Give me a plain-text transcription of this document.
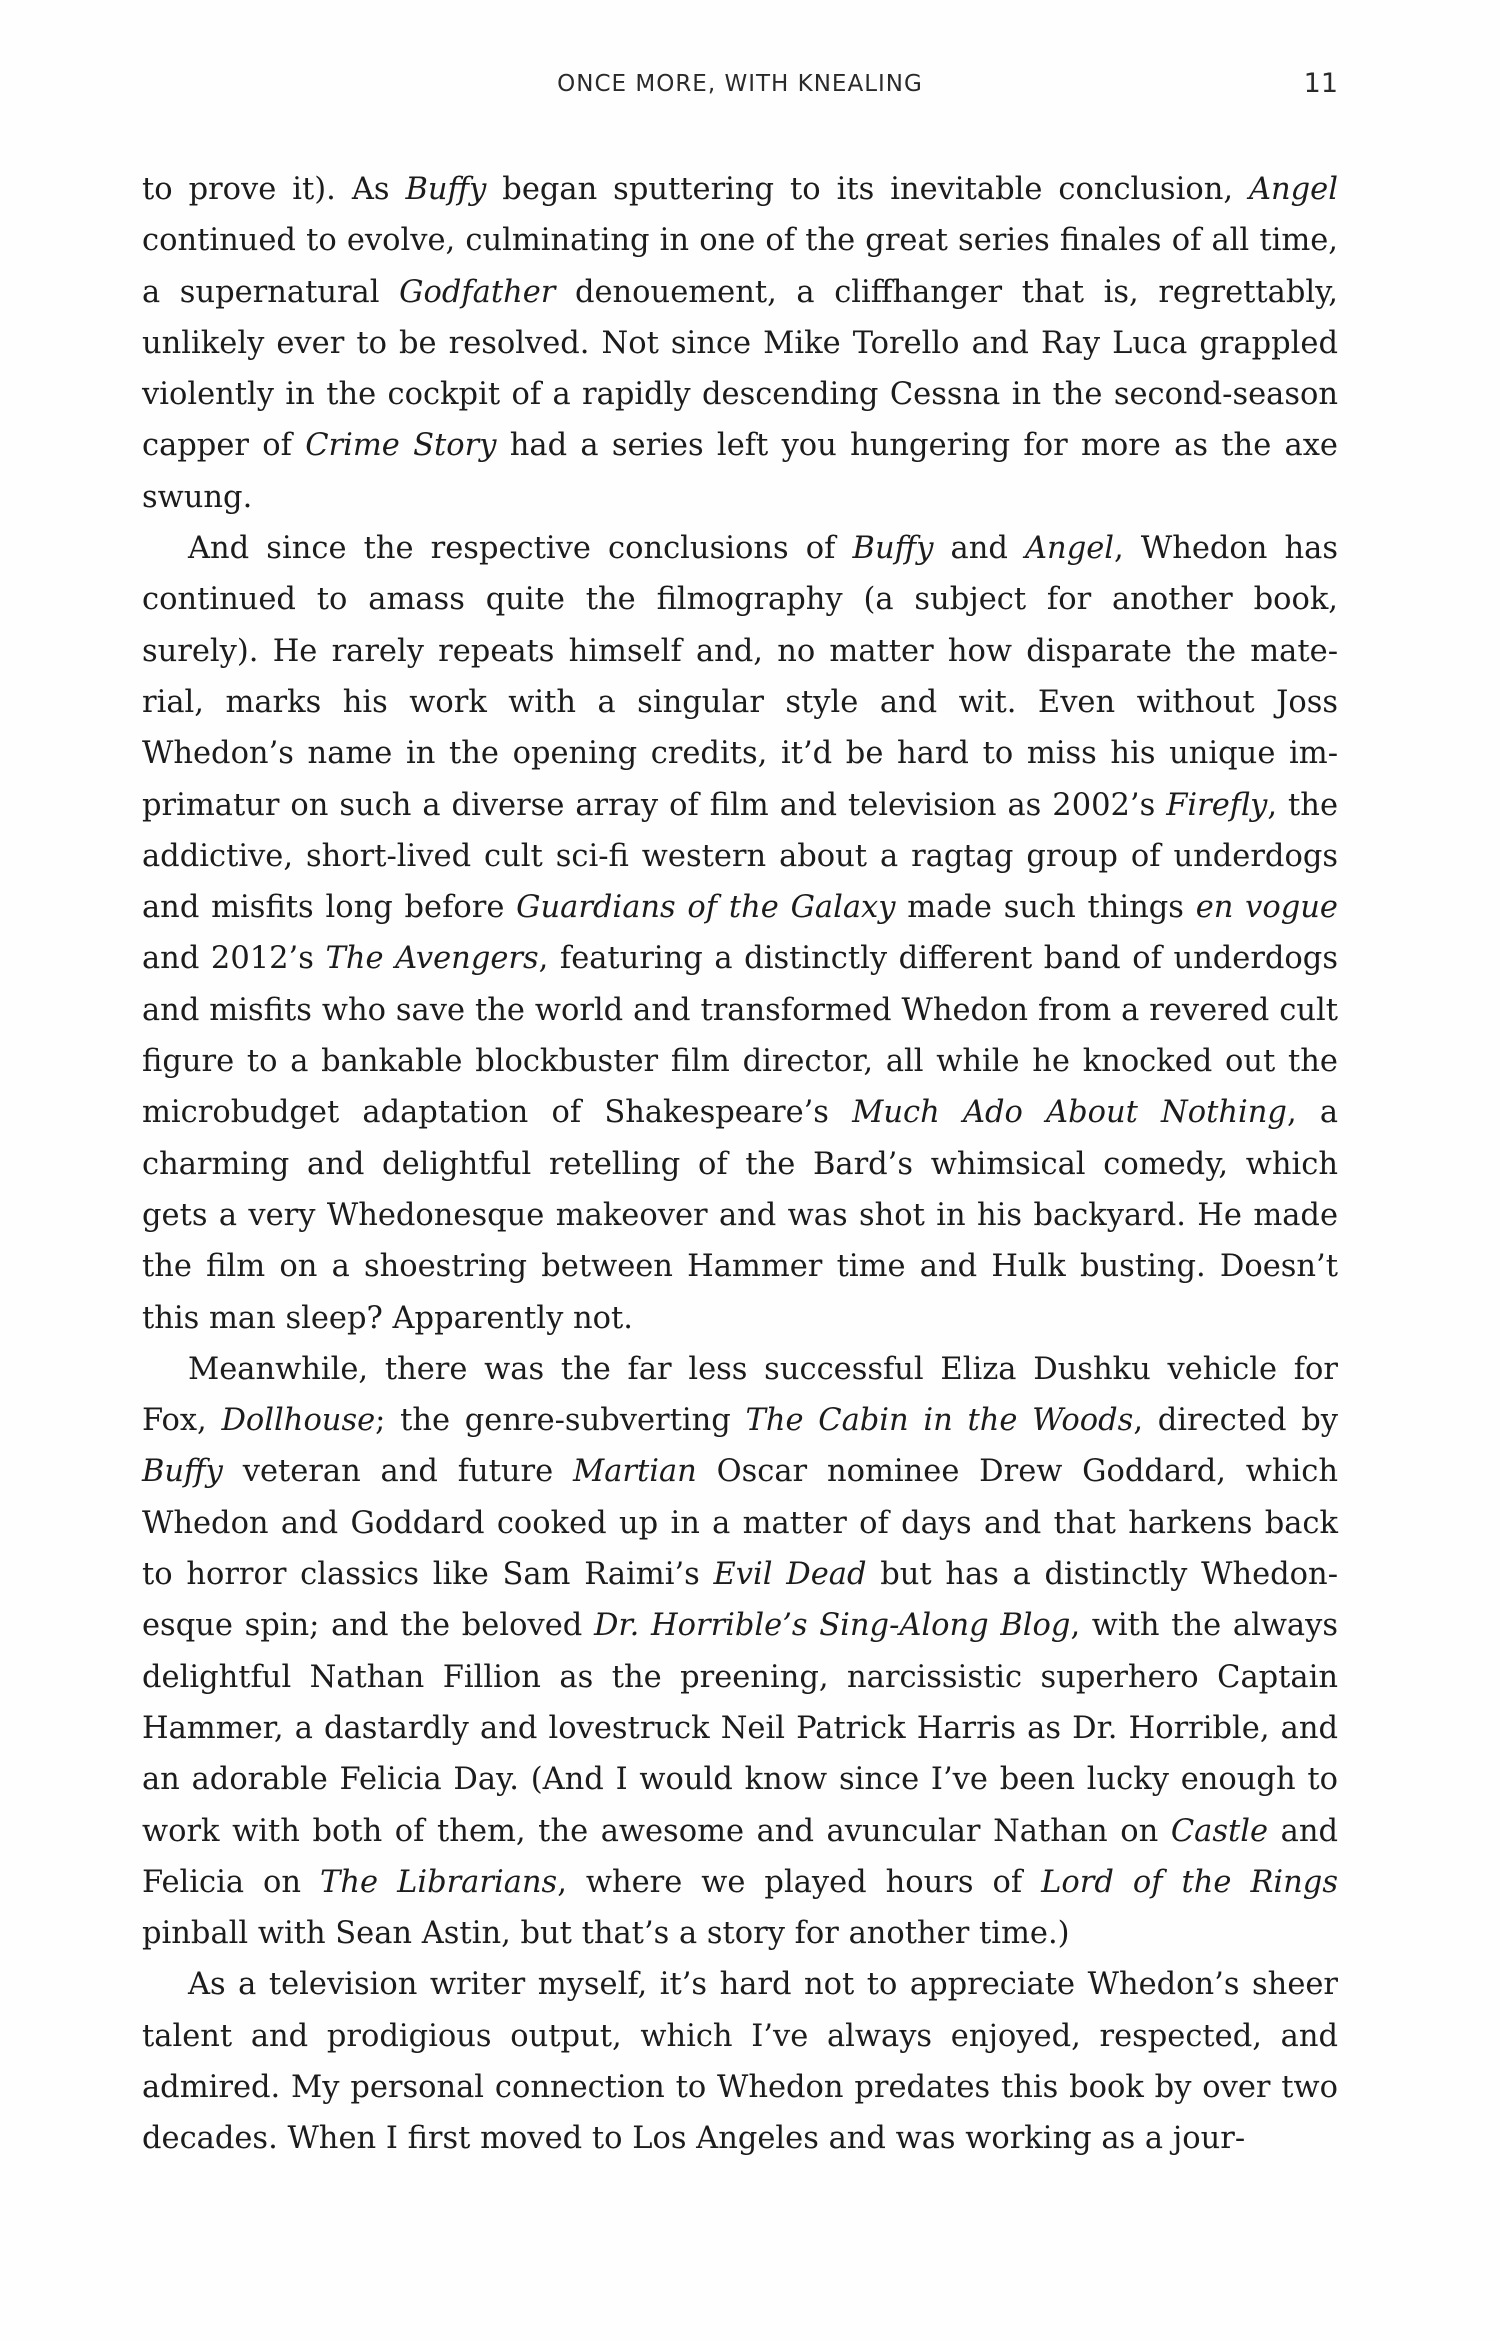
ONCE MORE, WITH KNEALING	11

to prove it). As Buffy began sputtering to its inevitable conclusion, Angel continued to evolve, culminating in one of the great series finales of all time, a supernatural Godfather denouement, a cliffhanger that is, regrettably, unlikely ever to be resolved. Not since Mike Torello and Ray Luca grappled violently in the cockpit of a rapidly descending Cessna in the second-season capper of Crime Story had a series left you hungering for more as the axe swung.

And since the respective conclusions of Buffy and Angel, Whedon has continued to amass quite the filmography (a subject for another book, surely). He rarely repeats himself and, no matter how disparate the material, marks his work with a singular style and wit. Even without Joss Whedon’s name in the opening credits, it’d be hard to miss his unique imprimatur on such a diverse array of film and television as 2002’s Firefly, the addictive, short-lived cult sci-fi western about a ragtag group of underdogs and misfits long before Guardians of the Galaxy made such things en vogue and 2012’s The Avengers, featuring a distinctly different band of underdogs and misfits who save the world and transformed Whedon from a revered cult figure to a bankable blockbuster film director, all while he knocked out the microbudget adaptation of Shakespeare’s Much Ado About Nothing, a charming and delightful retelling of the Bard’s whimsical comedy, which gets a very Whedonesque makeover and was shot in his backyard. He made the film on a shoestring between Hammer time and Hulk busting. Doesn’t this man sleep? Apparently not.

Meanwhile, there was the far less successful Eliza Dushku vehicle for Fox, Dollhouse; the genre-subverting The Cabin in the Woods, directed by Buffy veteran and future Martian Oscar nominee Drew Goddard, which Whedon and Goddard cooked up in a matter of days and that harkens back to horror classics like Sam Raimi’s Evil Dead but has a distinctly Whedonesque spin; and the beloved Dr. Horrible’s Sing-Along Blog, with the always delightful Nathan Fillion as the preening, narcissistic superhero Captain Hammer, a dastardly and lovestruck Neil Patrick Harris as Dr. Horrible, and an adorable Felicia Day. (And I would know since I’ve been lucky enough to work with both of them, the awesome and avuncular Nathan on Castle and Felicia on The Librarians, where we played hours of Lord of the Rings pinball with Sean Astin, but that’s a story for another time.)

As a television writer myself, it’s hard not to appreciate Whedon’s sheer talent and prodigious output, which I’ve always enjoyed, respected, and admired. My personal connection to Whedon predates this book by over two decades. When I first moved to Los Angeles and was working as a jour-
